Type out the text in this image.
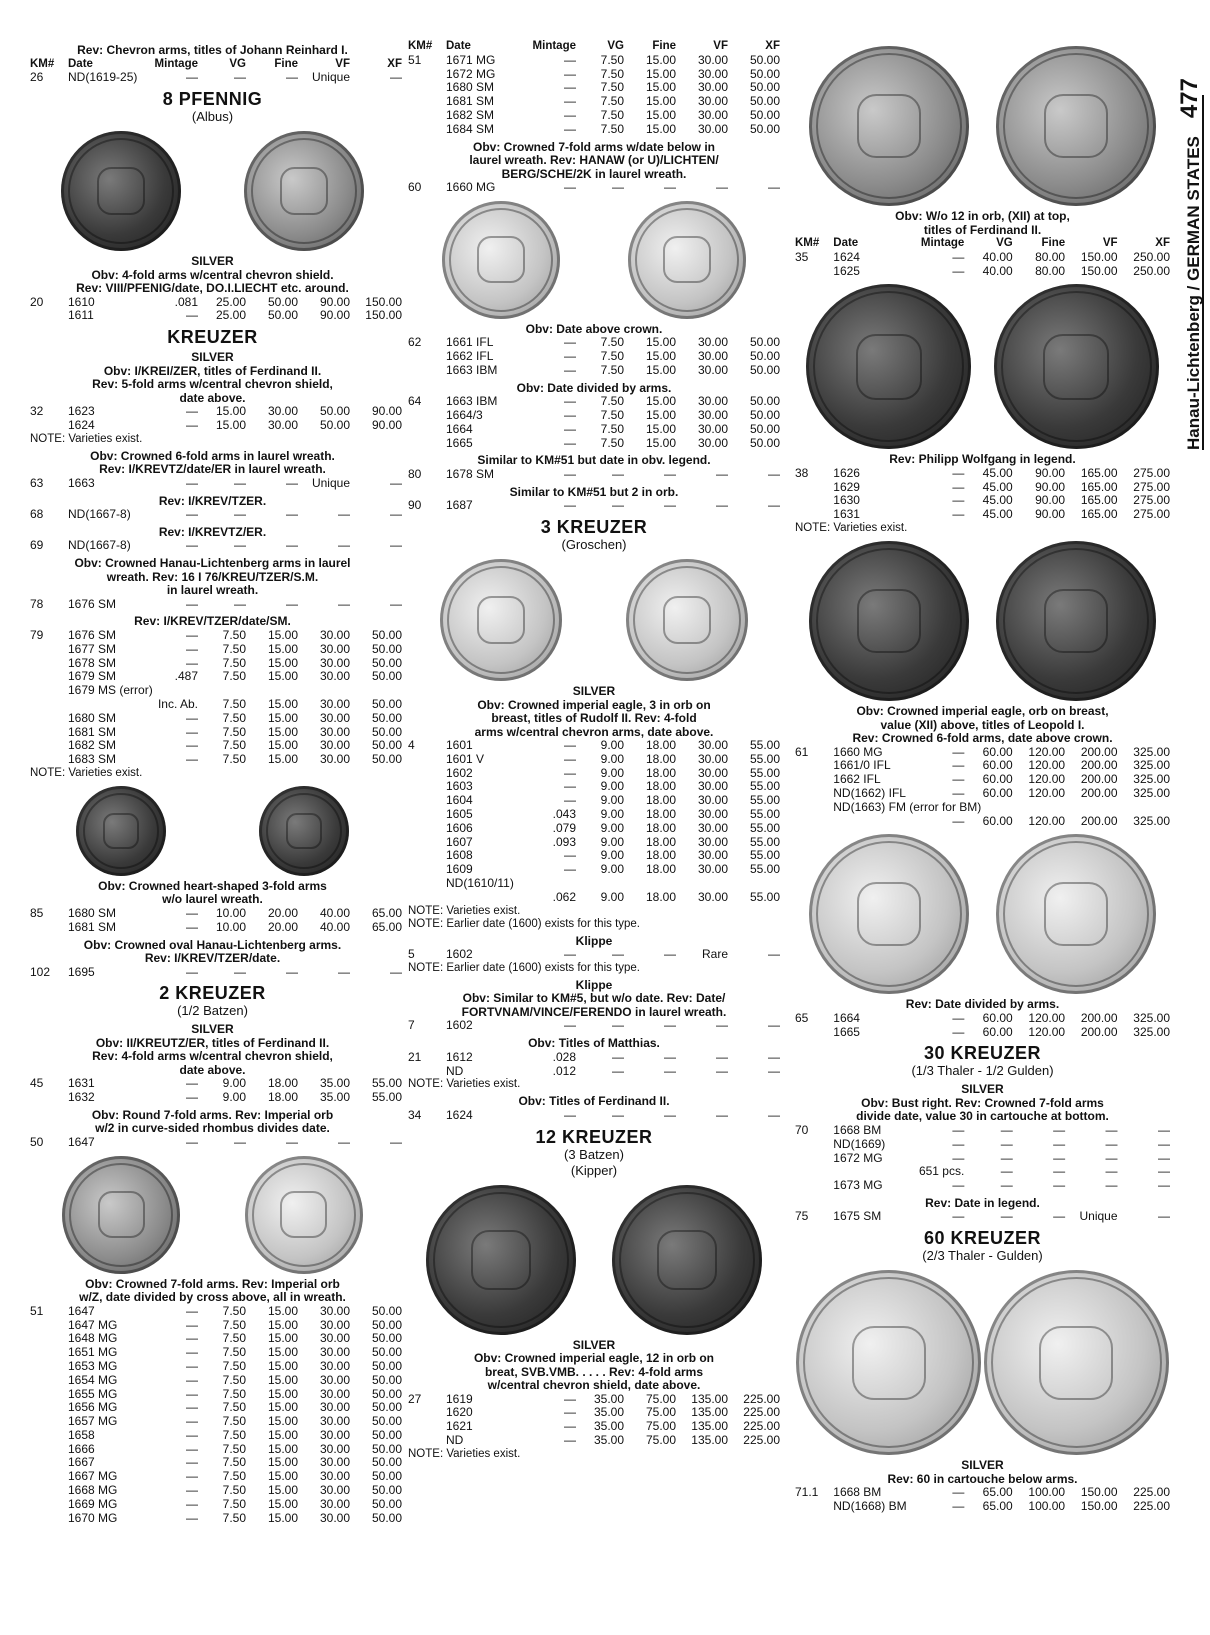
Hanau-Lichtenberg / GERMAN STATES
477
Rev: Chevron arms, titles of Johann Reinhard I.
KM#	Date	Mintage	VG	Fine	VF	XF
26	ND(1619-25)	—	—	—	Unique	—
8 PFENNIG
(Albus)
SILVER
Obv: 4-fold arms w/central chevron shield.
Rev: VIII/PFENIG/date, DO.I.LIECHT etc. around.
20	1610	.081	25.00	50.00	90.00	150.00
	1611	—	25.00	50.00	90.00	150.00
KREUZER
SILVER
Obv: I/KREI/ZER, titles of Ferdinand II.
Rev: 5-fold arms w/central chevron shield,
date above.
32	1623	—	15.00	30.00	50.00	90.00
	1624	—	15.00	30.00	50.00	90.00
NOTE: Varieties exist.
Obv: Crowned 6-fold arms in laurel wreath.
Rev: I/KREVTZ/date/ER in laurel wreath.
63	1663	—	—	—	Unique	—
Rev: I/KREV/TZER.
68	ND(1667-8)	—	—	—	—	—
Rev: I/KREVTZ/ER.
69	ND(1667-8)	—	—	—	—	—
Obv: Crowned Hanau-Lichtenberg arms in laurel
wreath. Rev: 16 I 76/KREU/TZER/S.M.
in laurel wreath.
78	1676 SM	—	—	—	—	—
Rev: I/KREV/TZER/date/SM.
79	1676 SM	—	7.50	15.00	30.00	50.00
	1677 SM	—	7.50	15.00	30.00	50.00
	1678 SM	—	7.50	15.00	30.00	50.00
	1679 SM	.487	7.50	15.00	30.00	50.00
	1679 MS (error)					
		Inc. Ab.	7.50	15.00	30.00	50.00
	1680 SM	—	7.50	15.00	30.00	50.00
	1681 SM	—	7.50	15.00	30.00	50.00
	1682 SM	—	7.50	15.00	30.00	50.00
	1683 SM	—	7.50	15.00	30.00	50.00
NOTE: Varieties exist.
Obv: Crowned heart-shaped 3-fold arms
w/o laurel wreath.
85	1680 SM	—	10.00	20.00	40.00	65.00
	1681 SM	—	10.00	20.00	40.00	65.00
Obv: Crowned oval Hanau-Lichtenberg arms.
Rev: I/KREV/TZER/date.
102	1695	—	—	—	—	—
2 KREUZER
(1/2 Batzen)
SILVER
Obv: II/KREUTZ/ER, titles of Ferdinand II.
Rev: 4-fold arms w/central chevron shield,
date above.
45	1631	—	9.00	18.00	35.00	55.00
	1632	—	9.00	18.00	35.00	55.00
Obv: Round 7-fold arms. Rev: Imperial orb
w/2 in curve-sided rhombus divides date.
50	1647	—	—	—	—	—
Obv: Crowned 7-fold arms. Rev: Imperial orb
w/Z, date divided by cross above, all in wreath.
51	1647	—	7.50	15.00	30.00	50.00
	1647 MG	—	7.50	15.00	30.00	50.00
	1648 MG	—	7.50	15.00	30.00	50.00
	1651 MG	—	7.50	15.00	30.00	50.00
	1653 MG	—	7.50	15.00	30.00	50.00
	1654 MG	—	7.50	15.00	30.00	50.00
	1655 MG	—	7.50	15.00	30.00	50.00
	1656 MG	—	7.50	15.00	30.00	50.00
	1657 MG	—	7.50	15.00	30.00	50.00
	1658	—	7.50	15.00	30.00	50.00
	1666	—	7.50	15.00	30.00	50.00
	1667	—	7.50	15.00	30.00	50.00
	1667 MG	—	7.50	15.00	30.00	50.00
	1668 MG	—	7.50	15.00	30.00	50.00
	1669 MG	—	7.50	15.00	30.00	50.00
	1670 MG	—	7.50	15.00	30.00	50.00
KM#	Date	Mintage	VG	Fine	VF	XF
51	1671 MG	—	7.50	15.00	30.00	50.00
	1672 MG	—	7.50	15.00	30.00	50.00
	1680 SM	—	7.50	15.00	30.00	50.00
	1681 SM	—	7.50	15.00	30.00	50.00
	1682 SM	—	7.50	15.00	30.00	50.00
	1684 SM	—	7.50	15.00	30.00	50.00
Obv: Crowned 7-fold arms w/date below in
laurel wreath. Rev: HANAW (or U)/LICHTEN/
BERG/SCHE/2K in laurel wreath.
60	1660 MG	—	—	—	—	—
Obv: Date above crown.
62	1661 IFL	—	7.50	15.00	30.00	50.00
	1662 IFL	—	7.50	15.00	30.00	50.00
	1663 IBM	—	7.50	15.00	30.00	50.00
Obv: Date divided by arms.
64	1663 IBM	—	7.50	15.00	30.00	50.00
	1664/3	—	7.50	15.00	30.00	50.00
	1664	—	7.50	15.00	30.00	50.00
	1665	—	7.50	15.00	30.00	50.00
Similar to KM#51 but date in obv. legend.
80	1678 SM	—	—	—	—	—
Similar to KM#51 but 2 in orb.
90	1687	—	—	—	—	—
3 KREUZER
(Groschen)
SILVER
Obv: Crowned imperial eagle, 3 in orb on
breast, titles of Rudolf II. Rev: 4-fold
arms w/central chevron arms, date above.
4	1601	—	9.00	18.00	30.00	55.00
	1601 V	—	9.00	18.00	30.00	55.00
	1602	—	9.00	18.00	30.00	55.00
	1603	—	9.00	18.00	30.00	55.00
	1604	—	9.00	18.00	30.00	55.00
	1605	.043	9.00	18.00	30.00	55.00
	1606	.079	9.00	18.00	30.00	55.00
	1607	.093	9.00	18.00	30.00	55.00
	1608	—	9.00	18.00	30.00	55.00
	1609	—	9.00	18.00	30.00	55.00
	ND(1610/11)					
		.062	9.00	18.00	30.00	55.00
NOTE: Varieties exist.
NOTE: Earlier date (1600) exists for this type.
Klippe
5	1602	—	—	—	Rare	—
NOTE: Earlier date (1600) exists for this type.
Klippe
Obv: Similar to KM#5, but w/o date. Rev: Date/
FORTVNAM/VINCE/FERENDO in laurel wreath.
7	1602	—	—	—	—	—
Obv: Titles of Matthias.
21	1612	.028	—	—	—	—
	ND	.012	—	—	—	—
NOTE: Varieties exist.
Obv: Titles of Ferdinand II.
34	1624	—	—	—	—	—
12 KREUZER
(3 Batzen)
(Kipper)
SILVER
Obv: Crowned imperial eagle, 12 in orb on
breat, SVB.VMB. . . . . Rev: 4-fold arms
w/central chevron shield, date above.
27	1619	—	35.00	75.00	135.00	225.00
	1620	—	35.00	75.00	135.00	225.00
	1621	—	35.00	75.00	135.00	225.00
	ND	—	35.00	75.00	135.00	225.00
NOTE: Varieties exist.
Obv: W/o 12 in orb, (XII) at top,
titles of Ferdinand II.
KM#	Date	Mintage	VG	Fine	VF	XF
35	1624	—	40.00	80.00	150.00	250.00
	1625	—	40.00	80.00	150.00	250.00
Rev: Philipp Wolfgang in legend.
38	1626	—	45.00	90.00	165.00	275.00
	1629	—	45.00	90.00	165.00	275.00
	1630	—	45.00	90.00	165.00	275.00
	1631	—	45.00	90.00	165.00	275.00
NOTE: Varieties exist.
Obv: Crowned imperial eagle, orb on breast,
value (XII) above, titles of Leopold I.
Rev: Crowned 6-fold arms, date above crown.
61	1660 MG	—	60.00	120.00	200.00	325.00
	1661/0 IFL	—	60.00	120.00	200.00	325.00
	1662 IFL	—	60.00	120.00	200.00	325.00
	ND(1662) IFL	—	60.00	120.00	200.00	325.00
	ND(1663) FM (error for BM)					
		—	60.00	120.00	200.00	325.00
Rev: Date divided by arms.
65	1664	—	60.00	120.00	200.00	325.00
	1665	—	60.00	120.00	200.00	325.00
30 KREUZER
(1/3 Thaler - 1/2 Gulden)
SILVER
Obv: Bust right. Rev: Crowned 7-fold arms
divide date, value 30 in cartouche at bottom.
70	1668 BM	—	—	—	—	—
	ND(1669)	—	—	—	—	—
	1672 MG	—	—	—	—	—
		651 pcs.	—	—	—	—
	1673 MG	—	—	—	—	—
Rev: Date in legend.
75	1675 SM	—	—	—	Unique	—
60 KREUZER
(2/3 Thaler - Gulden)
SILVER
Rev: 60 in cartouche below arms.
71.1	1668 BM	—	65.00	100.00	150.00	225.00
	ND(1668) BM	—	65.00	100.00	150.00	225.00
